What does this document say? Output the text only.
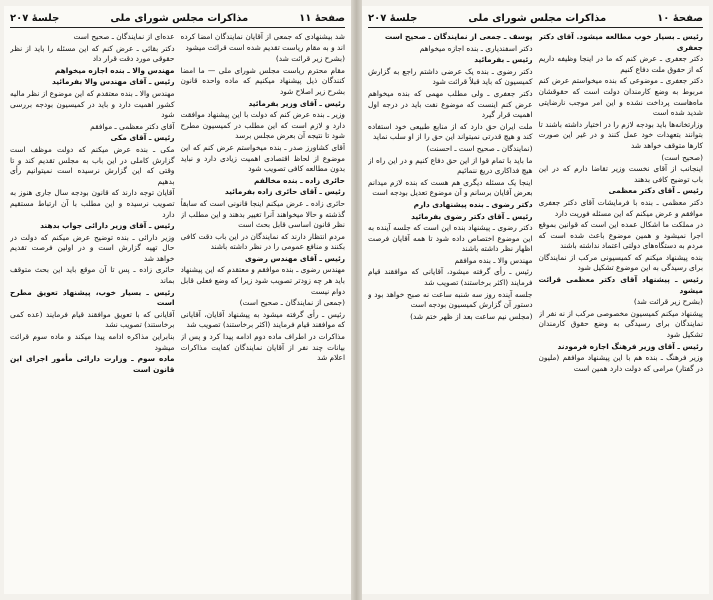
صفحهٔ ۱۱
مذاکرات مجلس شورای ملی
جلسهٔ ۲۰۷

شد بیشنهادی که جمعی از آقایان نمایندگان امضا کرده اند و به مقام ریاست تقدیم شده است قرائت میشود

(بشرح زیر قرائت شد)

مقام محترم ریاست مجلس شورای ملی — ما امضا کنندگان ذیل پیشنهاد میکنیم که ماده واحده قانون بشرح زیر اصلاح شود

رئیس ـ آقای وزیر بفرمائید

وزیر ـ بنده عرض کنم که دولت با این پیشنهاد موافقت دارد و لازم است که این مطلب در کمیسیون مطرح شود تا نتیجه آن بعرض مجلس برسد

آقای کشاورز صدر ـ بنده میخواستم عرض کنم که این موضوع از لحاظ اقتصادی اهمیت زیادی دارد و نباید بدون مطالعه کافی تصویب شود

حائری زاده ـ بنده مخالفم

رئیس ـ آقای حائری زاده بفرمائید

حائری زاده ـ عرض میکنم اینجا قانونی است که سابقاً گذشته و حالا میخواهند آنرا تغییر بدهند و این مطلب از نظر قانون اساسی قابل بحث است

مردم انتظار دارند که نمایندگان در این باب دقت کافی بکنند و منافع عمومی را در نظر داشته باشند

رئیس ـ آقای مهندس رضوی

مهندس رضوی ـ بنده موافقم و معتقدم که این پیشنهاد باید هر چه زودتر تصویب شود زیرا که وضع فعلی قابل دوام نیست

(جمعی از نمایندگان ـ صحیح است)

رئیس ـ رأی گرفته میشود به پیشنهاد آقایان، آقایانی که موافقند قیام فرمایند (اکثر برخاستند) تصویب شد

مذاکرات در اطراف ماده دوم ادامه پیدا کرد و پس از بیانات چند نفر از آقایان نمایندگان کفایت مذاکرات اعلام شد

عده‌ای از نمایندگان ـ صحیح است

دکتر بقائی ـ عرض کنم که این مسئله را باید از نظر حقوقی مورد دقت قرار داد

مهندس والا ـ بنده اجازه میخواهم

رئیس ـ آقای مهندس والا بفرمائید

مهندس والا ـ بنده معتقدم که این موضوع از نظر مالیه کشور اهمیت دارد و باید در کمیسیون بودجه بررسی شود

آقای دکتر معظمی ـ موافقم

رئیس ـ آقای مکی

مکی ـ بنده عرض میکنم که دولت موظف است گزارش کاملی در این باب به مجلس تقدیم کند و تا وقتی که این گزارش نرسیده است نمیتوانیم رأی بدهیم

آقایان توجه دارند که قانون بودجه سال جاری هنوز به تصویب نرسیده و این مطلب با آن ارتباط مستقیم دارد

رئیس ـ آقای وزیر دارائی جواب بدهند

وزیر دارائی ـ بنده توضیح عرض میکنم که دولت در حال تهیه گزارش است و در اولین فرصت تقدیم خواهد شد

حائری زاده ـ پس تا آن موقع باید این بحث متوقف بماند

رئیس ـ بسیار خوب، پیشنهاد تعویق مطرح است

آقایانی که با تعویق موافقند قیام فرمایند (عده کمی برخاستند) تصویب نشد

بنابراین مذاکره ادامه پیدا میکند و ماده سوم قرائت میشود

ماده سوم ـ وزارت دارائی مأمور اجرای این قانون است

صفحهٔ ۱۰
مذاکرات مجلس شورای ملی
جلسهٔ ۲۰۷

رئیس ـ بسیار خوب مطالعه میشود. آقای دکتر جعفری

دکتر جعفری ـ عرض کنم که ما در اینجا وظیفه داریم که از حقوق ملت دفاع کنیم

دکتر جعفری ـ موضوعی که بنده میخواستم عرض کنم مربوط به وضع کارمندان دولت است که حقوقشان ماه‌هاست پرداخت نشده و این امر موجب نارضایتی شدید شده است

وزارتخانه‌ها باید بودجه لازم را در اختیار داشته باشند تا بتوانند بتعهدات خود عمل کنند و در غیر این صورت کارها متوقف خواهد شد

(صحیح است)

اینجانب از آقای نخست وزیر تقاضا دارم که در این باب توضیح کافی بدهند

رئیس ـ آقای دکتر معظمی

دکتر معظمی ـ بنده با فرمایشات آقای دکتر جعفری موافقم و عرض میکنم که این مسئله فوریت دارد

در مملکت ما اشکال عمده این است که قوانین بموقع اجرا نمیشود و همین موضوع باعث شده است که مردم به دستگاه‌های دولتی اعتماد نداشته باشند

بنده پیشنهاد میکنم که کمیسیونی مرکب از نمایندگان برای رسیدگی به این موضوع تشکیل شود

رئیس ـ پیشنهاد آقای دکتر معظمی قرائت میشود

(بشرح زیر قرائت شد)

پیشنهاد میکنم کمیسیون مخصوصی مرکب از نه نفر از نمایندگان برای رسیدگی به وضع حقوق کارمندان تشکیل شود

رئیس ـ آقای وزیر فرهنگ اجازه فرمودند

وزیر فرهنگ ـ بنده هم با این پیشنهاد موافقم (ملیون در گفتار) مرامی که دولت دارد همین است

یوسف ـ جمعی از نمایندگان ـ صحیح است

دکتر اسفندیاری ـ بنده اجازه میخواهم

رئیس ـ بفرمائید

دکتر رضوی ـ بنده یک عرضی داشتم راجع به گزارش کمیسیون که باید قبلاً قرائت شود

دکتر جعفری ـ ولی مطلب مهمی که بنده میخواهم عرض کنم اینست که موضوع نفت باید در درجه اول اهمیت قرار گیرد

ملت ایران حق دارد که از منابع طبیعی خود استفاده کند و هیچ قدرتی نمیتواند این حق را از او سلب نماید

(نمایندگان ـ صحیح است ـ احسنت)

ما باید با تمام قوا از این حق دفاع کنیم و در این راه از هیچ فداکاری دریغ ننمائیم

اینجا یک مسئله دیگری هم هست که بنده لازم میدانم بعرض آقایان برسانم و آن موضوع تعدیل بودجه است

دکتر رضوی ـ بنده پیشنهادی دارم

رئیس ـ آقای دکتر رضوی بفرمائید

دکتر رضوی ـ پیشنهاد بنده این است که جلسه آینده به این موضوع اختصاص داده شود تا همه آقایان فرصت اظهار نظر داشته باشند

مهندس والا ـ بنده موافقم

رئیس ـ رأی گرفته میشود، آقایانی که موافقند قیام فرمایند (اکثر برخاستند) تصویب شد

جلسه آینده روز سه شنبه ساعت نه صبح خواهد بود و دستور آن گزارش کمیسیون بودجه است

(مجلس نیم ساعت بعد از ظهر ختم شد)
